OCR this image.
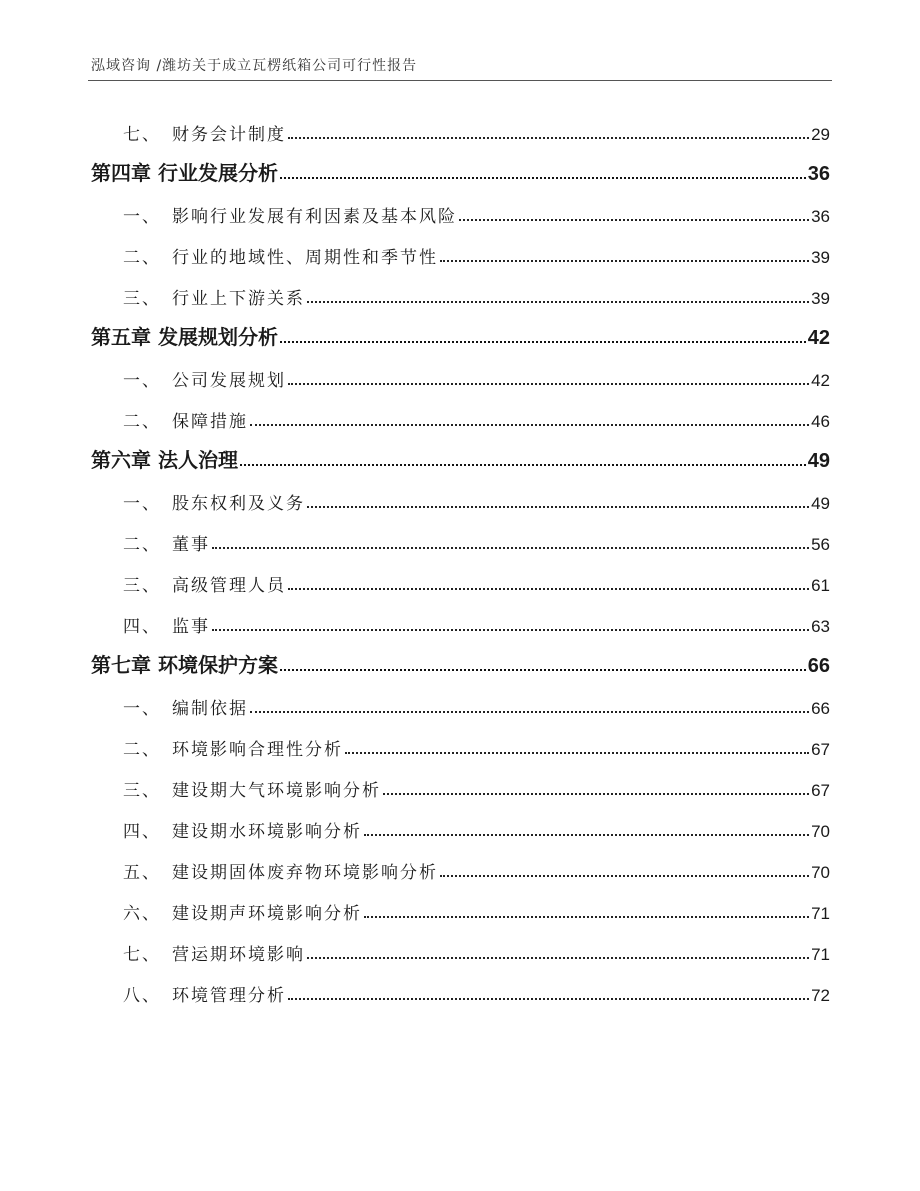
泓域咨询 /潍坊关于成立瓦楞纸箱公司可行性报告
七、 财务会计制度	29
第四章 行业发展分析	36
一、 影响行业发展有利因素及基本风险	36
二、 行业的地域性、周期性和季节性	39
三、 行业上下游关系	39
第五章 发展规划分析	42
一、 公司发展规划	42
二、 保障措施	46
第六章 法人治理	49
一、 股东权利及义务	49
二、 董事	56
三、 高级管理人员	61
四、 监事	63
第七章 环境保护方案	66
一、 编制依据	66
二、 环境影响合理性分析	67
三、 建设期大气环境影响分析	67
四、 建设期水环境影响分析	70
五、 建设期固体废弃物环境影响分析	70
六、 建设期声环境影响分析	71
七、 营运期环境影响	71
八、 环境管理分析	72
